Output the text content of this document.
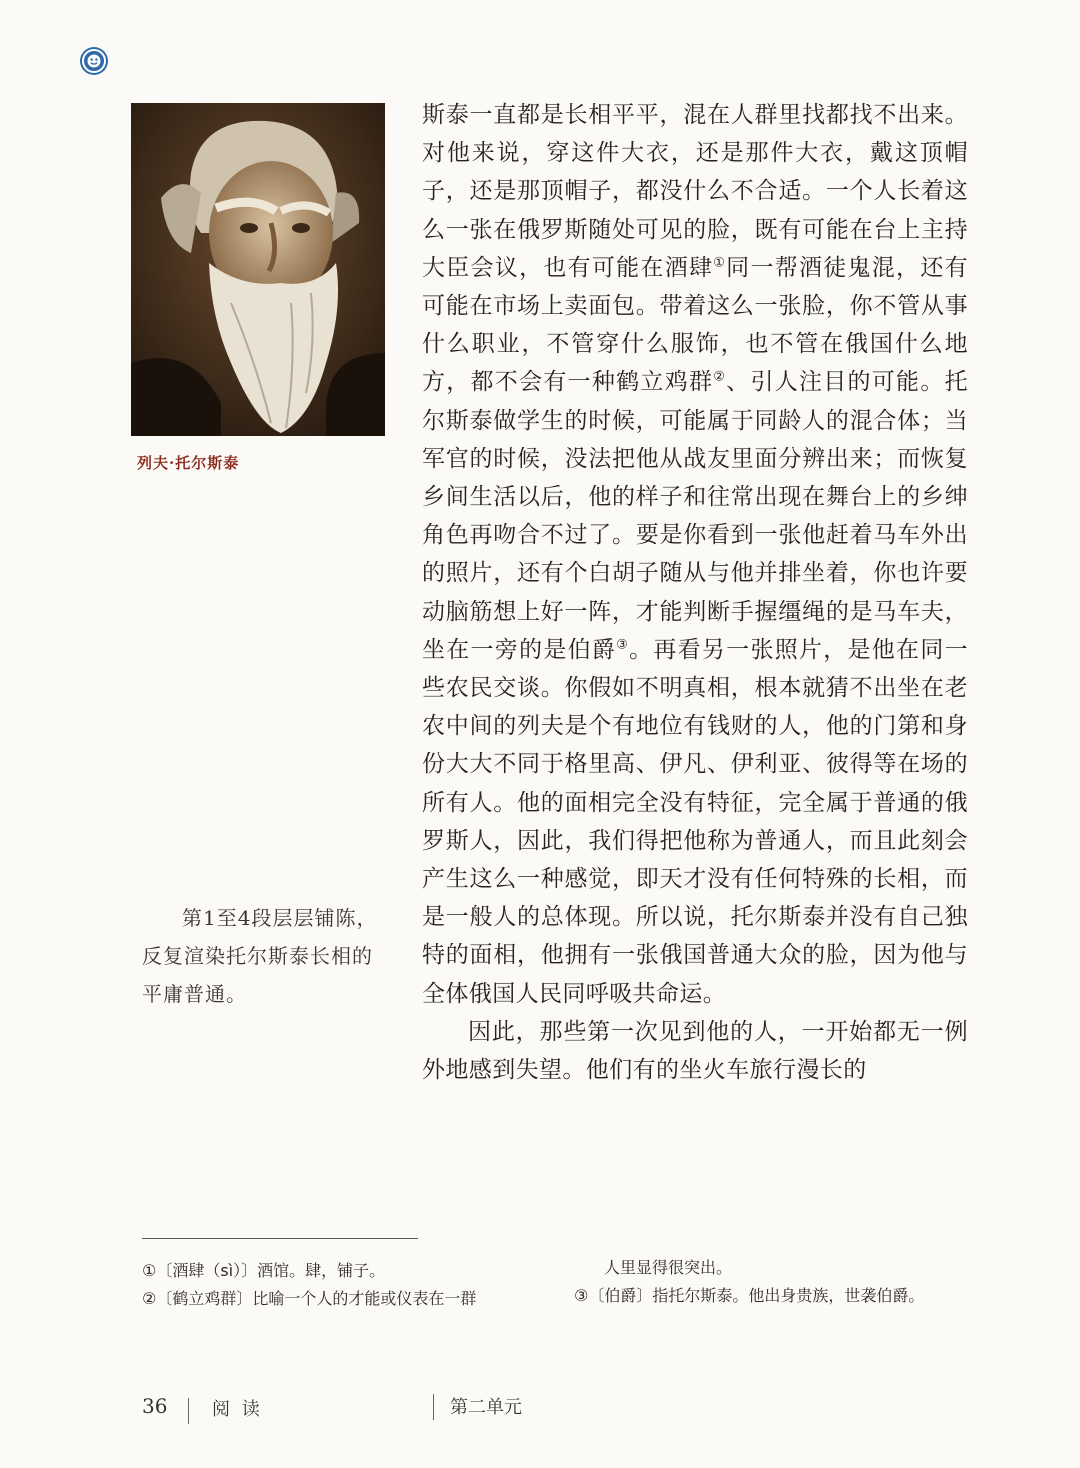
列夫·托尔斯泰
第1至4段层层铺陈，反复渲染托尔斯泰长相的平庸普通。

斯泰一直都是长相平平，混在人群里找都找不出来。对他来说，穿这件大衣，还是那件大衣，戴这顶帽子，还是那顶帽子，都没什么不合适。一个人长着这么一张在俄罗斯随处可见的脸，既有可能在台上主持大臣会议，也有可能在酒肆①同一帮酒徒鬼混，还有可能在市场上卖面包。带着这么一张脸，你不管从事什么职业，不管穿什么服饰，也不管在俄国什么地方，都不会有一种鹤立鸡群②、引人注目的可能。托尔斯泰做学生的时候，可能属于同龄人的混合体；当军官的时候，没法把他从战友里面分辨出来；而恢复乡间生活以后，他的样子和往常出现在舞台上的乡绅角色再吻合不过了。要是你看到一张他赶着马车外出的照片，还有个白胡子随从与他并排坐着，你也许要动脑筋想上好一阵，才能判断手握缰绳的是马车夫，坐在一旁的是伯爵③。再看另一张照片，是他在同一些农民交谈。你假如不明真相，根本就猜不出坐在老农中间的列夫是个有地位有钱财的人，他的门第和身份大大不同于格里高、伊凡、伊利亚、彼得等在场的所有人。他的面相完全没有特征，完全属于普通的俄罗斯人，因此，我们得把他称为普通人，而且此刻会产生这么一种感觉，即天才没有任何特殊的长相，而是一般人的总体现。所以说，托尔斯泰并没有自己独特的面相，他拥有一张俄国普通大众的脸，因为他与全体俄国人民同呼吸共命运。

因此，那些第一次见到他的人，一开始都无一例外地感到失望。他们有的坐火车旅行漫长的

①〔酒肆（sì）〕酒馆。肆，铺子。
②〔鹤立鸡群〕比喻一个人的才能或仪表在一群
人里显得很突出。
③〔伯爵〕指托尔斯泰。他出身贵族，世袭伯爵。
36 阅 读	第二单元
